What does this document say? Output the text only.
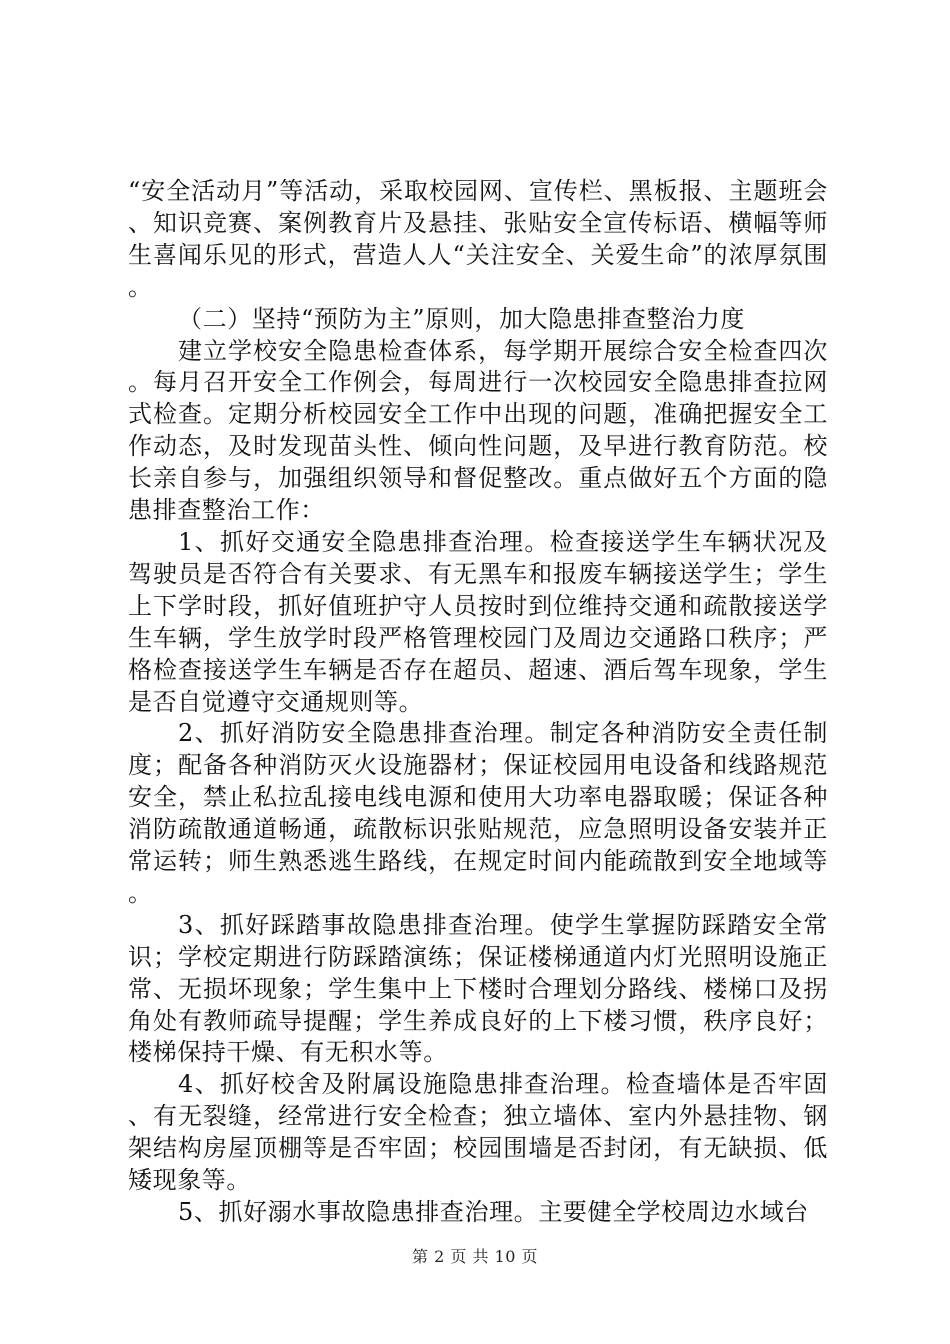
“安全活动月”等活动，采取校园网、宣传栏、黑板报、主题班会、知识竞赛、案例教育片及悬挂、张贴安全宣传标语、横幅等师生喜闻乐见的形式，营造人人“关注安全、关爱生命”的浓厚氛围。

（二）坚持“预防为主”原则，加大隐患排查整治力度

建立学校安全隐患检查体系，每学期开展综合安全检查四次。每月召开安全工作例会，每周进行一次校园安全隐患排查拉网式检查。定期分析校园安全工作中出现的问题，准确把握安全工作动态，及时发现苗头性、倾向性问题，及早进行教育防范。校长亲自参与，加强组织领导和督促整改。重点做好五个方面的隐患排查整治工作：

1、抓好交通安全隐患排查治理。检查接送学生车辆状况及驾驶员是否符合有关要求、有无黑车和报废车辆接送学生；学生上下学时段，抓好值班护守人员按时到位维持交通和疏散接送学生车辆，学生放学时段严格管理校园门及周边交通路口秩序；严格检查接送学生车辆是否存在超员、超速、酒后驾车现象，学生是否自觉遵守交通规则等。

2、抓好消防安全隐患排查治理。制定各种消防安全责任制度；配备各种消防灭火设施器材；保证校园用电设备和线路规范安全，禁止私拉乱接电线电源和使用大功率电器取暖；保证各种消防疏散通道畅通，疏散标识张贴规范，应急照明设备安装并正常运转；师生熟悉逃生路线，在规定时间内能疏散到安全地域等。

3、抓好踩踏事故隐患排查治理。使学生掌握防踩踏安全常识；学校定期进行防踩踏演练；保证楼梯通道内灯光照明设施正常、无损坏现象；学生集中上下楼时合理划分路线、楼梯口及拐角处有教师疏导提醒；学生养成良好的上下楼习惯，秩序良好；楼梯保持干燥、有无积水等。

4、抓好校舍及附属设施隐患排查治理。检查墙体是否牢固、有无裂缝，经常进行安全检查；独立墙体、室内外悬挂物、钢架结构房屋顶棚等是否牢固；校园围墙是否封闭，有无缺损、低矮现象等。

5、抓好溺水事故隐患排查治理。主要健全学校周边水域台

第 2 页 共 10 页
